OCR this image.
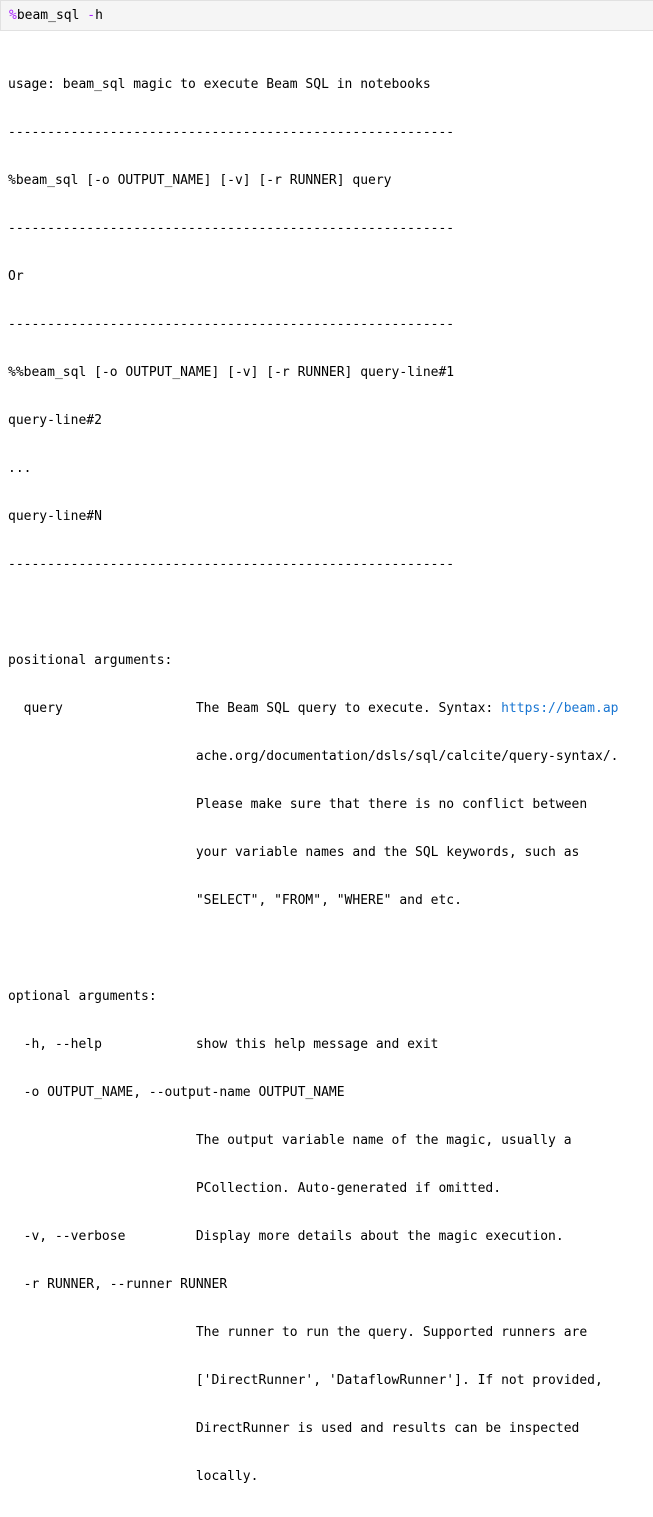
%beam_sql -h

usage: beam_sql magic to execute Beam SQL in notebooks

---------------------------------------------------------

%beam_sql [-o OUTPUT_NAME] [-v] [-r RUNNER] query

---------------------------------------------------------

Or

---------------------------------------------------------

%%beam_sql [-o OUTPUT_NAME] [-v] [-r RUNNER] query-line#1

query-line#2

...

query-line#N

---------------------------------------------------------

positional arguments:

query                 The Beam SQL query to execute. Syntax: https://beam.ap

ache.org/documentation/dsls/sql/calcite/query-syntax/.

Please make sure that there is no conflict between

your variable names and the SQL keywords, such as

"SELECT", "FROM", "WHERE" and etc.

optional arguments:

-h, --help            show this help message and exit

-o OUTPUT_NAME, --output-name OUTPUT_NAME

The output variable name of the magic, usually a

PCollection. Auto-generated if omitted.

-v, --verbose         Display more details about the magic execution.

-r RUNNER, --runner RUNNER

The runner to run the query. Supported runners are

['DirectRunner', 'DataflowRunner']. If not provided,

DirectRunner is used and results can be inspected

locally.
